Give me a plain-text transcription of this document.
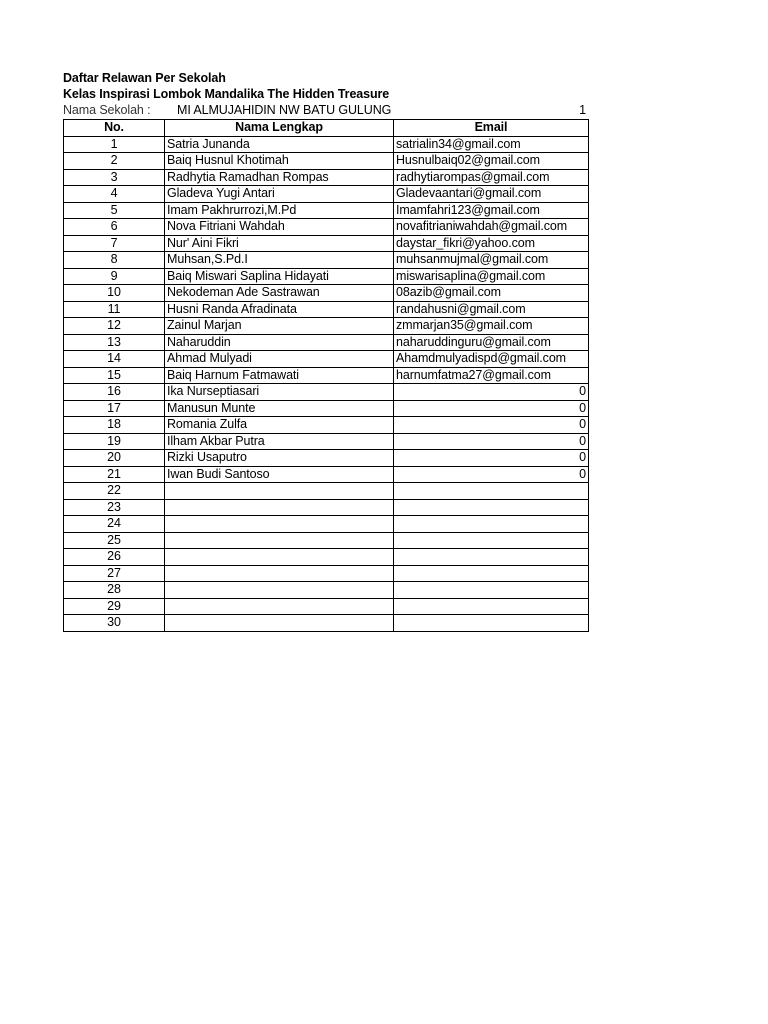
Daftar Relawan Per Sekolah
Kelas Inspirasi Lombok Mandalika The Hidden Treasure
Nama Sekolah : MI ALMUJAHIDIN NW BATU GULUNG	1
No.	Nama Lengkap	Email
1	Satria Junanda	satrialin34@gmail.com
2	Baiq Husnul Khotimah	Husnulbaiq02@gmail.com
3	Radhytia Ramadhan Rompas	radhytiarompas@gmail.com
4	Gladeva Yugi Antari	Gladevaantari@gmail.com
5	Imam Pakhrurrozi,M.Pd	Imamfahri123@gmail.com
6	Nova Fitriani Wahdah	novafitrianiwahdah@gmail.com
7	Nur' Aini Fikri	daystar_fikri@yahoo.com
8	Muhsan,S.Pd.I	muhsanmujmal@gmail.com
9	Baiq Miswari Saplina Hidayati	miswarisaplina@gmail.com
10	Nekodeman Ade Sastrawan	08azib@gmail.com
11	Husni Randa Afradinata	randahusni@gmail.com
12	Zainul Marjan	zmmarjan35@gmail.com
13	Naharuddin	naharuddinguru@gmail.com
14	Ahmad Mulyadi	Ahamdmulyadispd@gmail.com
15	Baiq Harnum Fatmawati	harnumfatma27@gmail.com
16	Ika Nurseptiasari	0
17	Manusun Munte	0
18	Romania Zulfa	0
19	Ilham Akbar Putra	0
20	Rizki Usaputro	0
21	Iwan Budi Santoso	0
22		
23		
24		
25		
26		
27		
28		
29		
30		
